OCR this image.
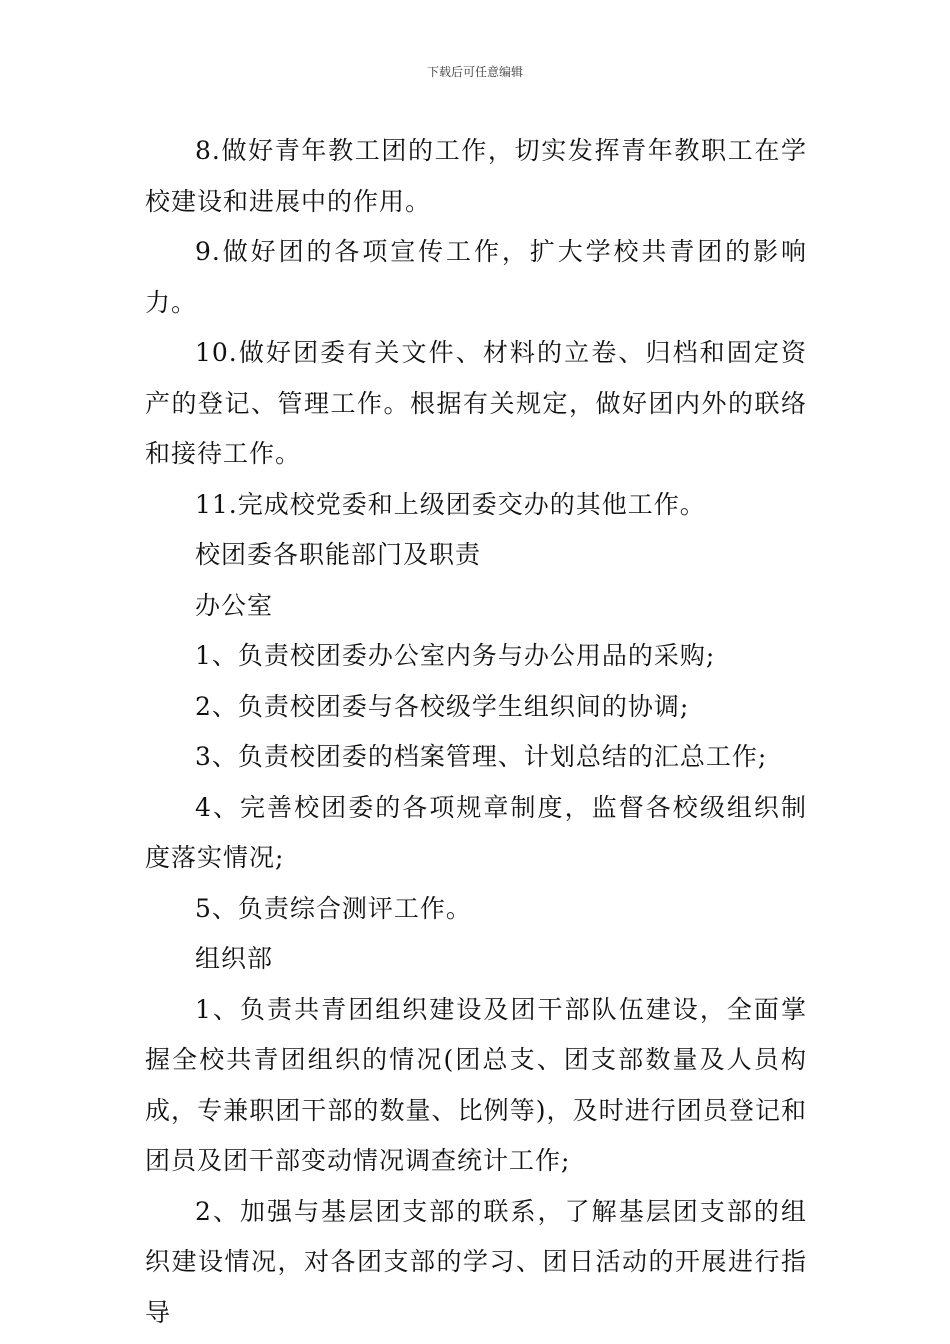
下载后可任意编辑

8.做好青年教工团的工作，切实发挥青年教职工在学校建设和进展中的作用。

9.做好团的各项宣传工作，扩大学校共青团的影响力。

10.做好团委有关文件、材料的立卷、归档和固定资产的登记、管理工作。根据有关规定，做好团内外的联络和接待工作。

11.完成校党委和上级团委交办的其他工作。

校团委各职能部门及职责

办公室

1、负责校团委办公室内务与办公用品的采购;

2、负责校团委与各校级学生组织间的协调;

3、负责校团委的档案管理、计划总结的汇总工作;

4、完善校团委的各项规章制度，监督各校级组织制度落实情况;

5、负责综合测评工作。

组织部

1、负责共青团组织建设及团干部队伍建设，全面掌握全校共青团组织的情况(团总支、团支部数量及人员构成，专兼职团干部的数量、比例等)，及时进行团员登记和团员及团干部变动情况调查统计工作;

2、加强与基层团支部的联系，了解基层团支部的组织建设情况，对各团支部的学习、团日活动的开展进行指导
